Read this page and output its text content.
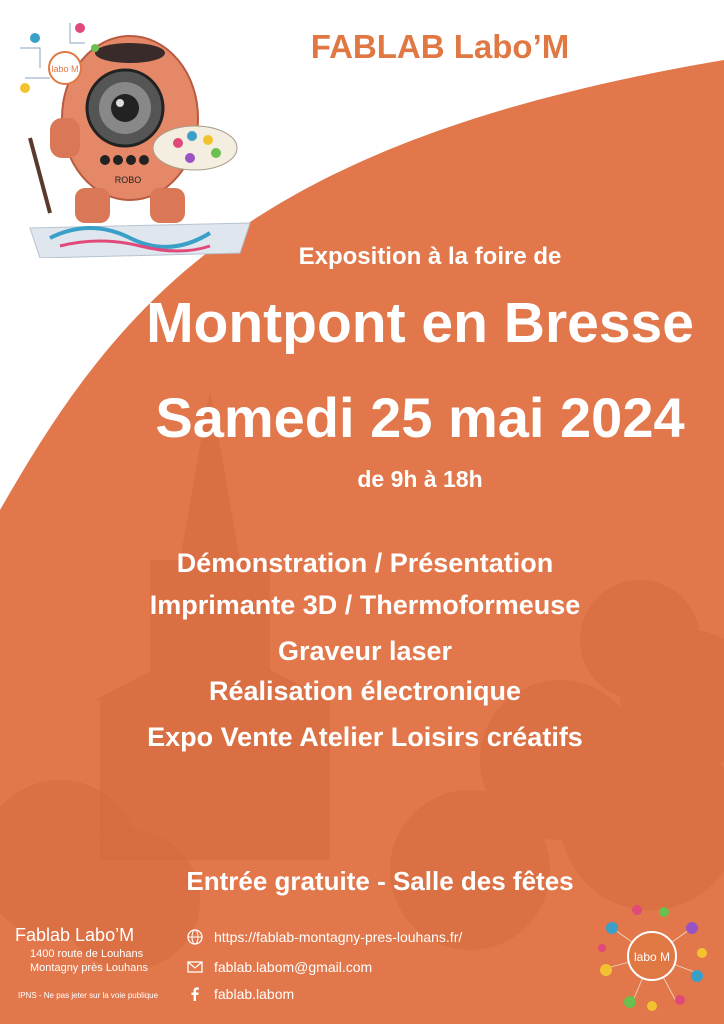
ROBO
labo M
FABLAB Labo’M
Exposition à la foire de
Montpont en Bresse
Samedi 25 mai 2024
de 9h à 18h
Démonstration / Présentation
Imprimante 3D / Thermoformeuse
Graveur laser
Réalisation électronique
Expo Vente Atelier Loisirs créatifs
Entrée gratuite - Salle des fêtes
Fablab Labo’M
1400 route de Louhans
Montagny près Louhans
IPNS - Ne pas jeter sur la voie publique
https://fablab-montagny-pres-louhans.fr/
fablab.labom@gmail.com
fablab.labom
labo M
